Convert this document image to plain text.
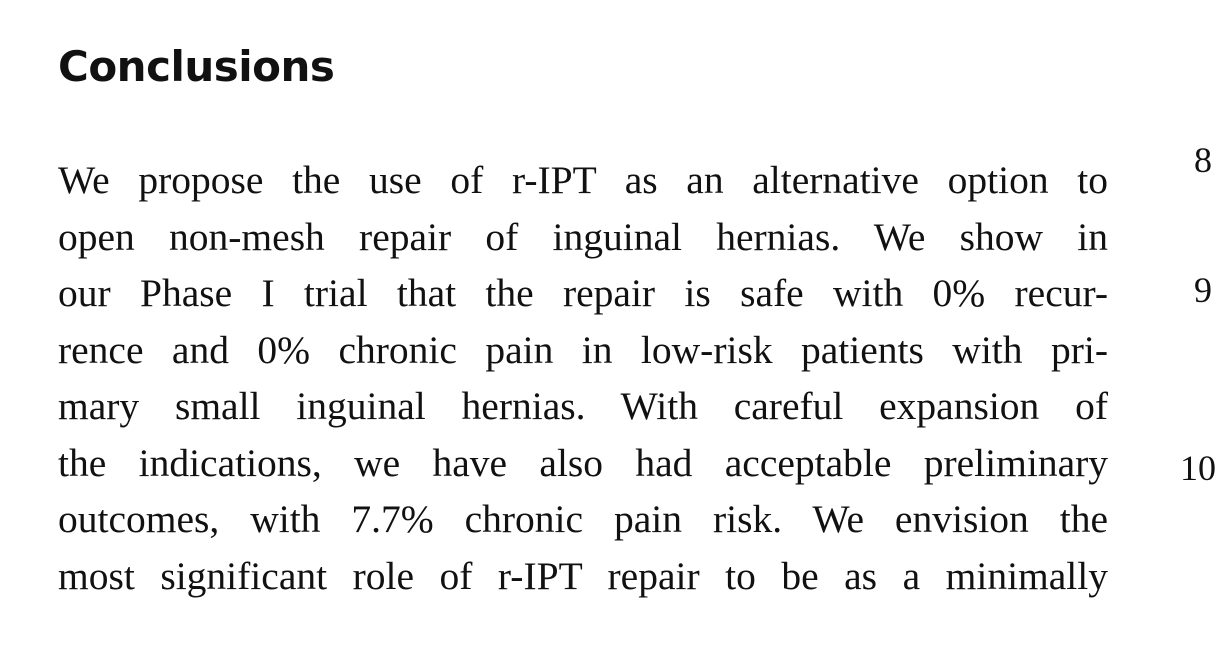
Conclusions
We propose the use of r-IPT as an alternative option to
open non-mesh repair of inguinal hernias. We show in
our Phase I trial that the repair is safe with 0% recur-
rence and 0% chronic pain in low-risk patients with pri-
mary small inguinal hernias. With careful expansion of
the indications, we have also had acceptable preliminary
outcomes, with 7.7% chronic pain risk. We envision the
most significant role of r-IPT repair to be as a minimally
8
9
10
